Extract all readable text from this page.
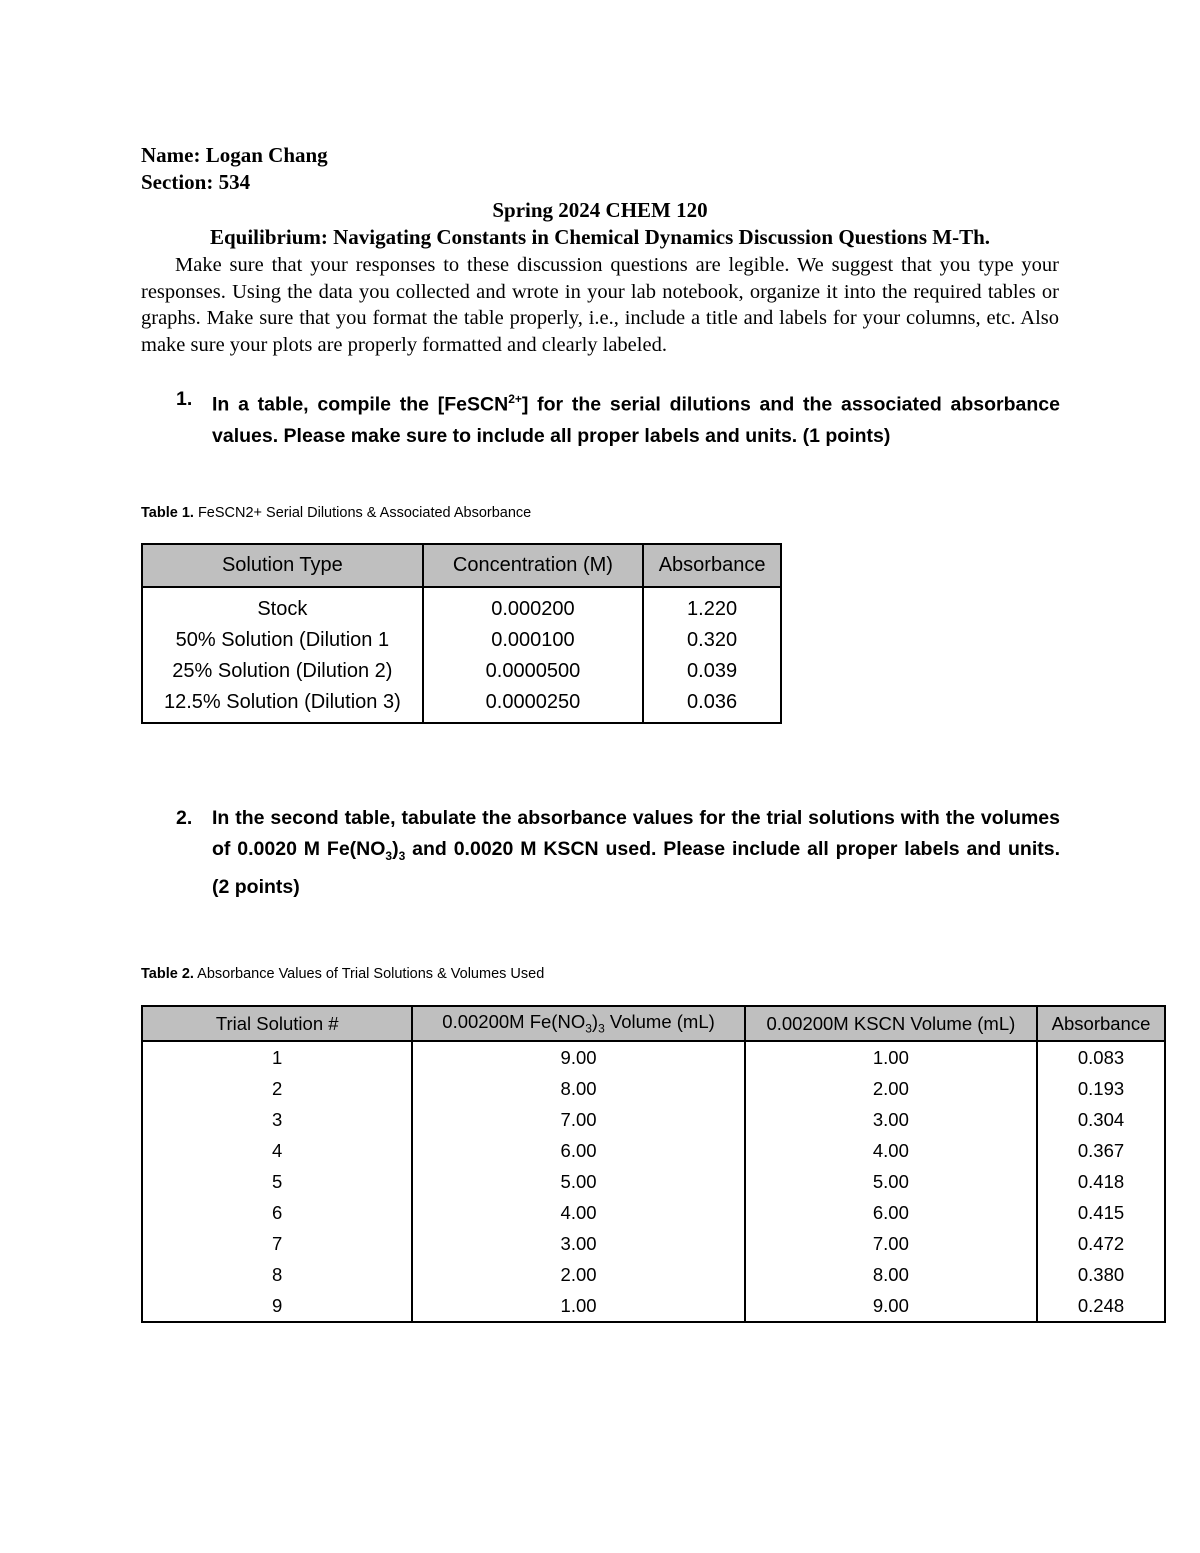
Name: Logan Chang
Section: 534
Spring 2024 CHEM 120
Equilibrium: Navigating Constants in Chemical Dynamics Discussion Questions M-Th.
Make sure that your responses to these discussion questions are legible. We suggest that you type your responses. Using the data you collected and wrote in your lab notebook, organize it into the required tables or graphs. Make sure that you format the table properly, i.e., include a title and labels for your columns, etc. Also make sure your plots are properly formatted and clearly labeled.
1. In a table, compile the [FeSCN$^{2+}$] for the serial dilutions and the associated absorbance values. Please make sure to include all proper labels and units. (1 points)
Table 1. FeSCN2+ Serial Dilutions & Associated Absorbance
Solution Type	Concentration (M)	Absorbance
Stock	0.000200	1.220
50% Solution (Dilution 1	0.000100	0.320
25% Solution (Dilution 2)	0.0000500	0.039
12.5% Solution (Dilution 3)	0.0000250	0.036
2. In the second table, tabulate the absorbance values for the trial solutions with the volumes of 0.0020 M $Fe(NO_3)_3$ and 0.0020 M KSCN used. Please include all proper labels and units. (2 points)
Table 2. Absorbance Values of Trial Solutions & Volumes Used
Trial Solution #	0.00200M $Fe(NO_3)_3$ Volume (mL)	0.00200M KSCN Volume (mL)	Absorbance
1	9.00	1.00	0.083
2	8.00	2.00	0.193
3	7.00	3.00	0.304
4	6.00	4.00	0.367
5	5.00	5.00	0.418
6	4.00	6.00	0.415
7	3.00	7.00	0.472
8	2.00	8.00	0.380
9	1.00	9.00	0.248
